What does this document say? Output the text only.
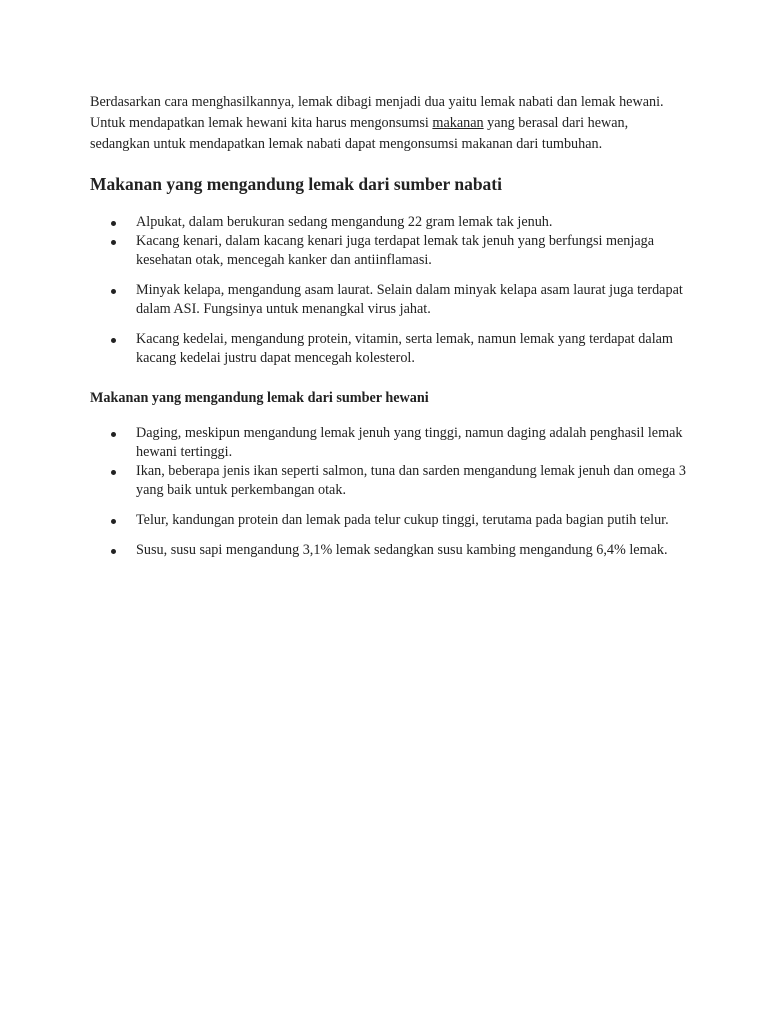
Berdasarkan cara menghasilkannya, lemak dibagi menjadi dua yaitu lemak nabati dan lemak hewani. Untuk mendapatkan lemak hewani kita harus mengonsumsi makanan yang berasal dari hewan, sedangkan untuk mendapatkan lemak nabati dapat mengonsumsi makanan dari tumbuhan.

Makanan yang mengandung lemak dari sumber nabati
Alpukat, dalam berukuran sedang mengandung 22 gram lemak tak jenuh.
Kacang kenari, dalam kacang kenari juga terdapat lemak tak jenuh yang berfungsi menjaga kesehatan otak, mencegah kanker dan antiinflamasi.
Minyak kelapa, mengandung asam laurat. Selain dalam minyak kelapa asam laurat juga terdapat dalam ASI. Fungsinya untuk menangkal virus jahat.
Kacang kedelai, mengandung protein, vitamin, serta lemak, namun lemak yang terdapat dalam kacang kedelai justru dapat mencegah kolesterol.
Makanan yang mengandung lemak dari sumber hewani
Daging, meskipun mengandung lemak jenuh yang tinggi, namun daging adalah penghasil lemak hewani tertinggi.
Ikan, beberapa jenis ikan seperti salmon, tuna dan sarden mengandung lemak jenuh dan omega 3 yang baik untuk perkembangan otak.
Telur, kandungan protein dan lemak pada telur cukup tinggi, terutama pada bagian putih telur.
Susu, susu sapi mengandung 3,1% lemak sedangkan susu kambing mengandung 6,4% lemak.
